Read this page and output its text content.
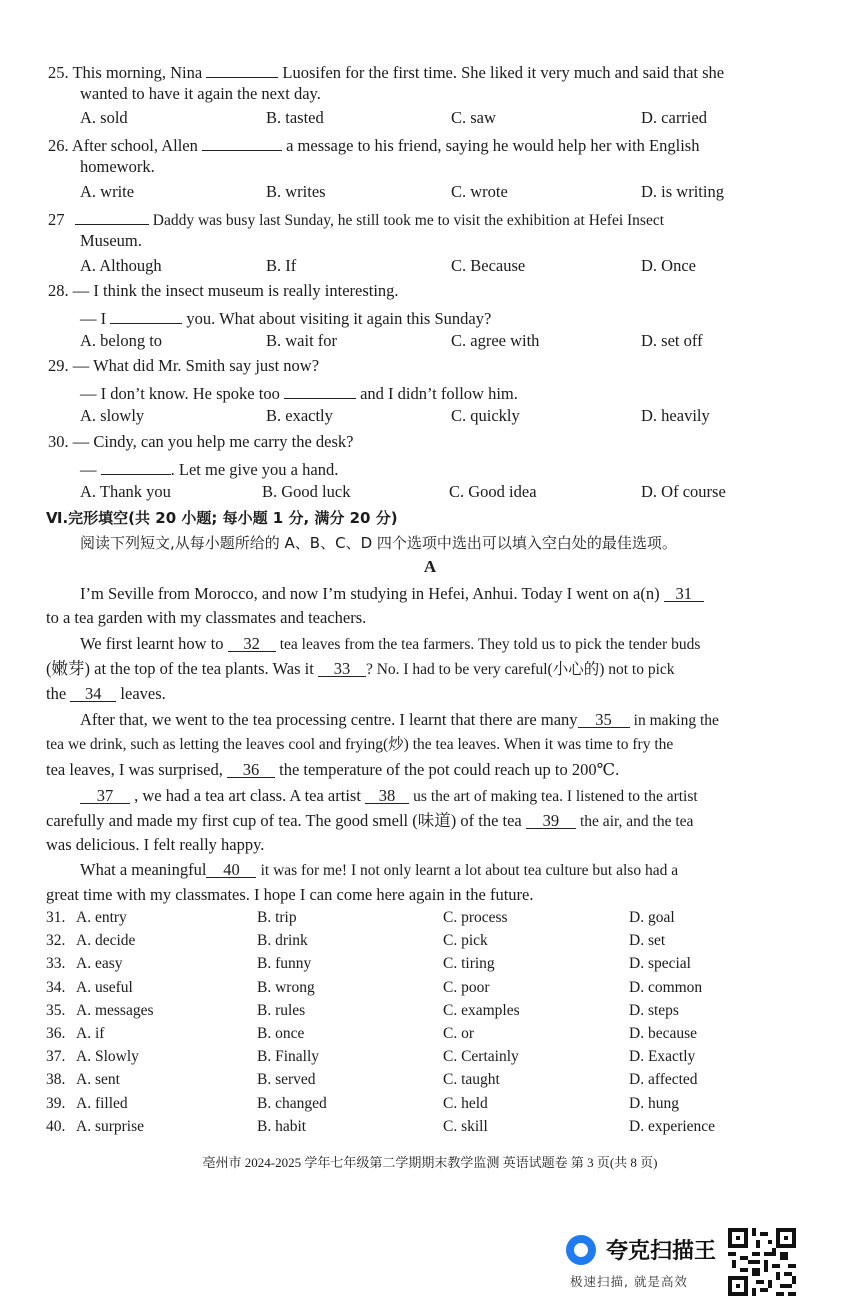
25. This morning, Nina	Luosifen for the first time. She liked it very much and said that she
wanted to have it again the next day.
A. sold	B. tasted	C. saw	D. carried
26. After school, Allen	a message to his friend, saying he would help her with English
homework.
A. write	B. writes	C. wrote	D. is writing
27	Daddy was busy last Sunday, he still took me to visit the exhibition at Hefei Insect
Museum.
A. Although	B. If	C. Because	D. Once
28. — I think the insect museum is really interesting.
— I	you. What about visiting it again this Sunday?
A. belong to	B. wait for	C. agree with	D. set off
29. — What did Mr. Smith say just now?
— I don’t know. He spoke too	and I didn’t follow him.
A. slowly	B. exactly	C. quickly	D. heavily
30. — Cindy, can you help me carry the desk?
—	. Let me give you a hand.
A. Thank you	B. Good luck	C. Good idea	D. Of course
Ⅵ.完形填空(共 20 小题; 每小题 1 分, 满分 20 分)
阅读下列短文,从每小题所给的 A、B、C、D 四个选项中选出可以填入空白处的最佳选项。
A
I’m Seville from Morocco, and now I’m studying in Hefei, Anhui. Today I went on a(n) 31
to a tea garden with my classmates and teachers.
We first learnt how to 32 tea leaves from the tea farmers. They told us to pick the tender buds
(嫩芽) at the top of the tea plants. Was it 33 ? No. I had to be very careful(小心的) not to pick
the 34 leaves.
After that, we went to the tea processing centre. I learnt that there are many 35 in making the
tea we drink, such as letting the leaves cool and frying(炒) the tea leaves. When it was time to fry the
tea leaves, I was surprised, 36 the temperature of the pot could reach up to 200℃.
37 , we had a tea art class. A tea artist 38 us the art of making tea. I listened to the artist
carefully and made my first cup of tea. The good smell (味道) of the tea 39 the air, and the tea
was delicious. I felt really happy.
What a meaningful 40 it was for me! I not only learnt a lot about tea culture but also had a
great time with my classmates. I hope I can come here again in the future.
31. A. entry	B. trip	C. process	D. goal
32. A. decide	B. drink	C. pick	D. set
33. A. easy	B. funny	C. tiring	D. special
34. A. useful	B. wrong	C. poor	D. common
35. A. messages	B. rules	C. examples	D. steps
36. A. if	B. once	C. or	D. because
37. A. Slowly	B. Finally	C. Certainly	D. Exactly
38. A. sent	B. served	C. taught	D. affected
39. A. filled	B. changed	C. held	D. hung
40. A. surprise	B. habit	C. skill	D. experience
亳州市 2024-2025 学年七年级第二学期期末教学监测 英语试题卷 第 3 页(共 8 页)
夸克扫描王
极速扫描, 就是高效
